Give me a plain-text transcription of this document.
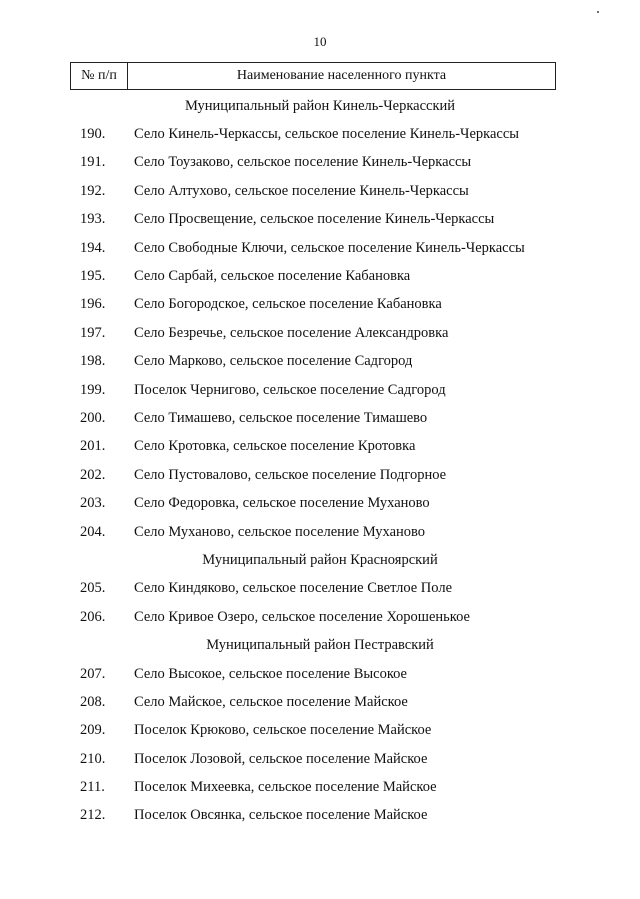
10
№ п/п	Наименование населенного пункта
Муниципальный район Кинель-Черкасский
190.	Село Кинель-Черкассы, сельское поселение Кинель-Черкассы
191.	Село Тоузаково, сельское поселение Кинель-Черкассы
192.	Село Алтухово, сельское поселение Кинель-Черкассы
193.	Село Просвещение, сельское поселение Кинель-Черкассы
194.	Село Свободные Ключи, сельское поселение Кинель-Черкассы
195.	Село Сарбай, сельское поселение Кабановка
196.	Село Богородское, сельское поселение Кабановка
197.	Село Безречье, сельское поселение Александровка
198.	Село Марково, сельское поселение Садгород
199.	Поселок Чернигово, сельское поселение Садгород
200.	Село Тимашево, сельское поселение Тимашево
201.	Село Кротовка, сельское поселение Кротовка
202.	Село Пустовалово, сельское поселение Подгорное
203.	Село Федоровка, сельское поселение Муханово
204.	Село Муханово, сельское поселение Муханово
Муниципальный район Красноярский
205.	Село Киндяково, сельское поселение Светлое Поле
206.	Село Кривое Озеро, сельское поселение Хорошенькое
Муниципальный район Пестравский
207.	Село Высокое, сельское поселение Высокое
208.	Село Майское, сельское поселение Майское
209.	Поселок Крюково, сельское поселение Майское
210.	Поселок Лозовой, сельское поселение Майское
211.	Поселок Михеевка, сельское поселение Майское
212.	Поселок Овсянка, сельское поселение Майское
